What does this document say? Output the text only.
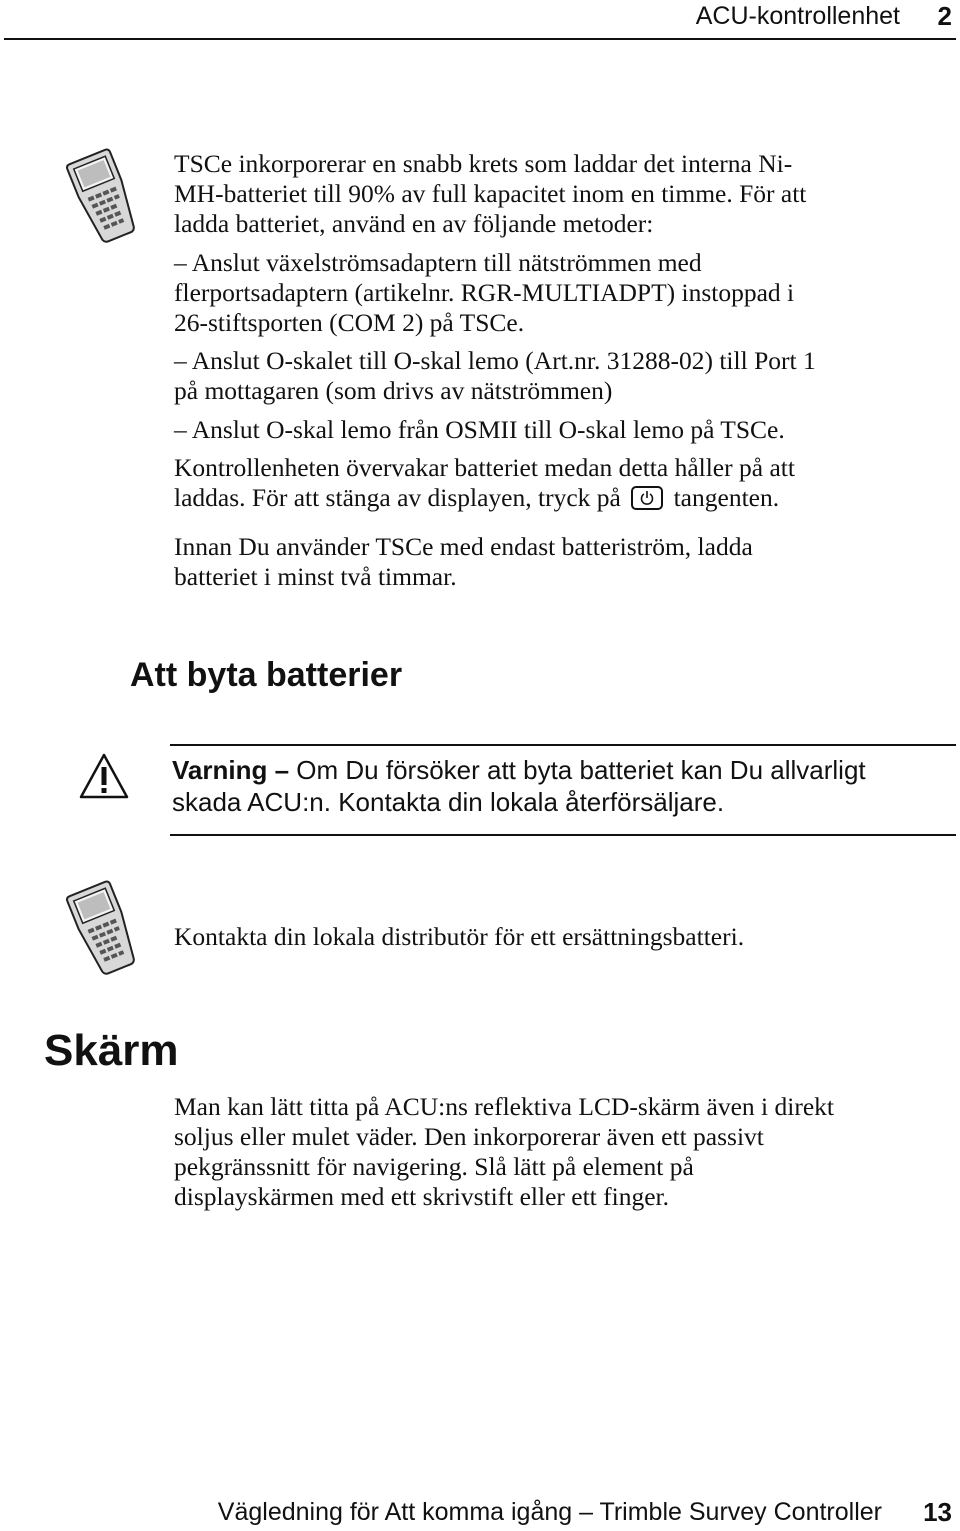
ACU-kontrollenhet 2
TSCe inkorporerar en snabb krets som laddar det interna Ni-
MH-batteriet till 90% av full kapacitet inom en timme. För att
ladda batteriet, använd en av följande metoder:
– Anslut växelströmsadaptern till nätströmmen med
flerportsadaptern (artikelnr. RGR-MULTIADPT) instoppad i
26-stiftsporten (COM 2) på TSCe.
– Anslut O-skalet till O-skal lemo (Art.nr. 31288-02) till Port 1
på mottagaren (som drivs av nätströmmen)
– Anslut O-skal lemo från OSMII till O-skal lemo på TSCe.
Kontrollenheten övervakar batteriet medan detta håller på att
laddas. För att stänga av displayen, tryck på tangenten.
Innan Du använder TSCe med endast batteriström, ladda
batteriet i minst två timmar.
Att byta batterier
Varning – Om Du försöker att byta batteriet kan Du allvarligt
skada ACU:n. Kontakta din lokala återförsäljare.
Kontakta din lokala distributör för ett ersättningsbatteri.
Skärm
Man kan lätt titta på ACU:ns reflektiva LCD-skärm även i direkt
soljus eller mulet väder. Den inkorporerar även ett passivt
pekgränssnitt för navigering. Slå lätt på element på
displayskärmen med ett skrivstift eller ett finger.
Vägledning för Att komma igång – Trimble Survey Controller 13
